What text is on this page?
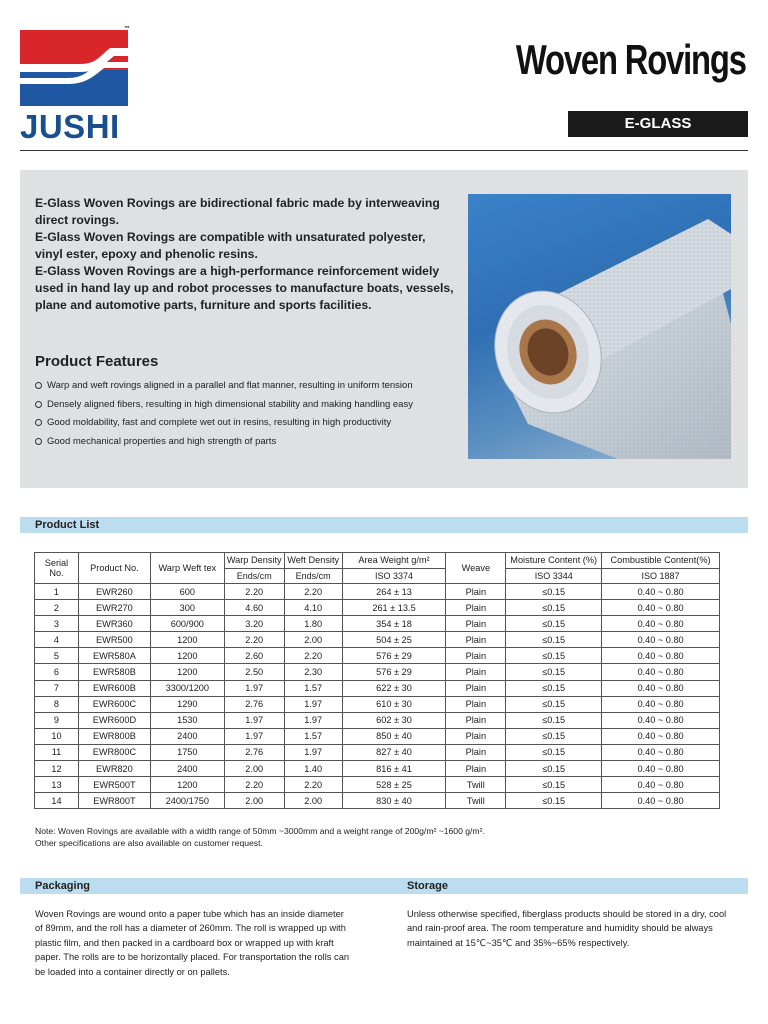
™
JUSHI
Woven Rovings
E-GLASS
E-Glass Woven Rovings are bidirectional fabric made by interweaving direct rovings.
E-Glass Woven Rovings are compatible with unsaturated polyester, vinyl ester, epoxy and phenolic resins.
E-Glass Woven Rovings are a high-performance reinforcement widely used in hand lay up and robot processes to manufacture boats, vessels, plane and automotive parts, furniture and sports facilities.
Product Features
Warp and weft rovings aligned in a parallel and flat manner, resulting in uniform tension
Densely aligned fibers, resulting in high dimensional stability and making handling easy
Good moldability, fast and complete wet out in resins, resulting in high productivity
Good mechanical properties and high strength of parts
Product List
Serial No.	Product No.	Warp Weft tex	Warp Density	Weft Density	Area Weight g/m²	Weave	Moisture Content (%)	Combustible Content(%)
			Ends/cm	Ends/cm	ISO 3374		ISO 3344	ISO 1887
1	EWR260	600	2.20	2.20	264 ± 13	Plain	≤0.15	0.40 ~ 0.80
2	EWR270	300	4.60	4.10	261 ± 13.5	Plain	≤0.15	0.40 ~ 0.80
3	EWR360	600/900	3.20	1.80	354 ± 18	Plain	≤0.15	0.40 ~ 0.80
4	EWR500	1200	2.20	2.00	504 ± 25	Plain	≤0.15	0.40 ~ 0.80
5	EWR580A	1200	2.60	2.20	576 ± 29	Plain	≤0.15	0.40 ~ 0.80
6	EWR580B	1200	2.50	2.30	576 ± 29	Plain	≤0.15	0.40 ~ 0.80
7	EWR600B	3300/1200	1.97	1.57	622 ± 30	Plain	≤0.15	0.40 ~ 0.80
8	EWR600C	1290	2.76	1.97	610 ± 30	Plain	≤0.15	0.40 ~ 0.80
9	EWR600D	1530	1.97	1.97	602 ± 30	Plain	≤0.15	0.40 ~ 0.80
10	EWR800B	2400	1.97	1.57	850 ± 40	Plain	≤0.15	0.40 ~ 0.80
11	EWR800C	1750	2.76	1.97	827 ± 40	Plain	≤0.15	0.40 ~ 0.80
12	EWR820	2400	2.00	1.40	816 ± 41	Plain	≤0.15	0.40 ~ 0.80
13	EWR500T	1200	2.20	2.20	528 ± 25	Twill	≤0.15	0.40 ~ 0.80
14	EWR800T	2400/1750	2.00	2.00	830 ± 40	Twill	≤0.15	0.40 ~ 0.80
Note: Woven Rovings are available with a width range of 50mm ~3000mm and a weight range of 200g/m² ~1600 g/m².
Other specifications are also available on customer request.
Packaging	Storage
Woven Rovings are wound onto a paper tube which has an inside diameter of 89mm, and the roll has a diameter of 260mm. The roll is wrapped up with plastic film, and then packed in a cardboard box or wrapped up with kraft paper. The rolls are to be horizontally placed. For transportation the rolls can be loaded into a container directly or on pallets.
Unless otherwise specified, fiberglass products should be stored in a dry, cool and rain-proof area. The room temperature and humidity should be always maintained at 15℃~35℃ and 35%~65% respectively.
